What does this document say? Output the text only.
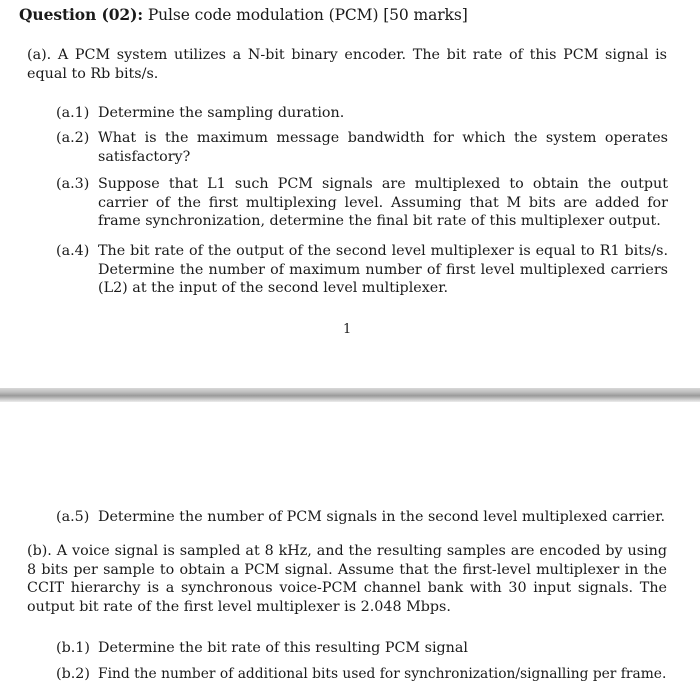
Question (02): Pulse code modulation (PCM) [50 marks]
(a). A PCM system utilizes a N-bit binary encoder. The bit rate of this PCM signal is equal to Rb bits/s.
(a.1) Determine the sampling duration.
(a.2) What is the maximum message bandwidth for which the system operates satisfactory?
(a.3) Suppose that L1 such PCM signals are multiplexed to obtain the output carrier of the first multiplexing level. Assuming that M bits are added for frame synchronization, determine the final bit rate of this multiplexer output.
(a.4) The bit rate of the output of the second level multiplexer is equal to R1 bits/s. Determine the number of maximum number of first level multiplexed carriers (L2) at the input of the second level multiplexer.
1
(a.5) Determine the number of PCM signals in the second level multiplexed carrier.
(b). A voice signal is sampled at 8 kHz, and the resulting samples are encoded by using 8 bits per sample to obtain a PCM signal. Assume that the first-level multiplexer in the CCIT hierarchy is a synchronous voice-PCM channel bank with 30 input signals. The output bit rate of the first level multiplexer is 2.048 Mbps.
(b.1) Determine the bit rate of this resulting PCM signal
(b.2) Find the number of additional bits used for synchronization/signalling per frame.
